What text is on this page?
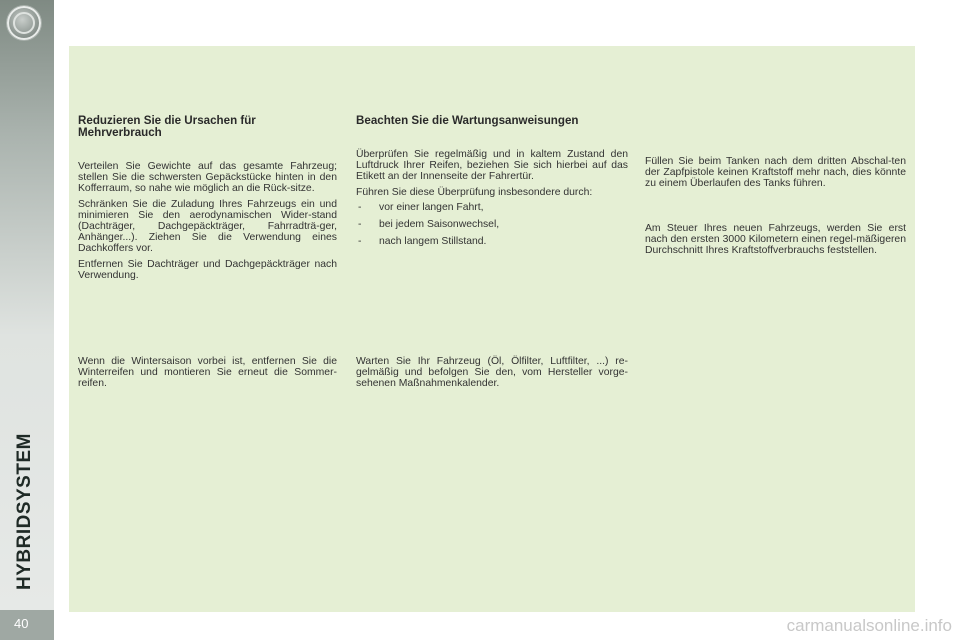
HYBRIDSYSTEM
40
Reduzieren Sie die Ursachen für Mehrverbrauch

Verteilen Sie Gewichte auf das gesamte Fahrzeug; stellen Sie die schwersten Gepäckstücke hinten in den Kofferraum, so nahe wie möglich an die Rück-sitze.

Schränken Sie die Zuladung Ihres Fahrzeugs ein und minimieren Sie den aerodynamischen Wider-stand (Dachträger, Dachgepäckträger, Fahrradträ-ger, Anhänger...). Ziehen Sie die Verwendung eines Dachkoffers vor.

Entfernen Sie Dachträger und Dachgepäckträger nach Verwendung.

Wenn die Wintersaison vorbei ist, entfernen Sie die Winterreifen und montieren Sie erneut die Sommer-reifen.

Beachten Sie die Wartungsanweisungen

Überprüfen Sie regelmäßig und in kaltem Zustand den Luftdruck Ihrer Reifen, beziehen Sie sich hierbei auf das Etikett an der Innenseite der Fahrertür.

Führen Sie diese Überprüfung insbesondere durch:

- vor einer langen Fahrt,
- bei jedem Saisonwechsel,
- nach langem Stillstand.

Warten Sie Ihr Fahrzeug (Öl, Ölfilter, Luftfilter, ...) re-gelmäßig und befolgen Sie den, vom Hersteller vorge-sehenen Maßnahmenkalender.

Füllen Sie beim Tanken nach dem dritten Abschal-ten der Zapfpistole keinen Kraftstoff mehr nach, dies könnte zu einem Überlaufen des Tanks führen.

Am Steuer Ihres neuen Fahrzeugs, werden Sie erst nach den ersten 3000 Kilometern einen regel-mäßigeren Durchschnitt Ihres Kraftstoffverbrauchs feststellen.

carmanualsonline.info
